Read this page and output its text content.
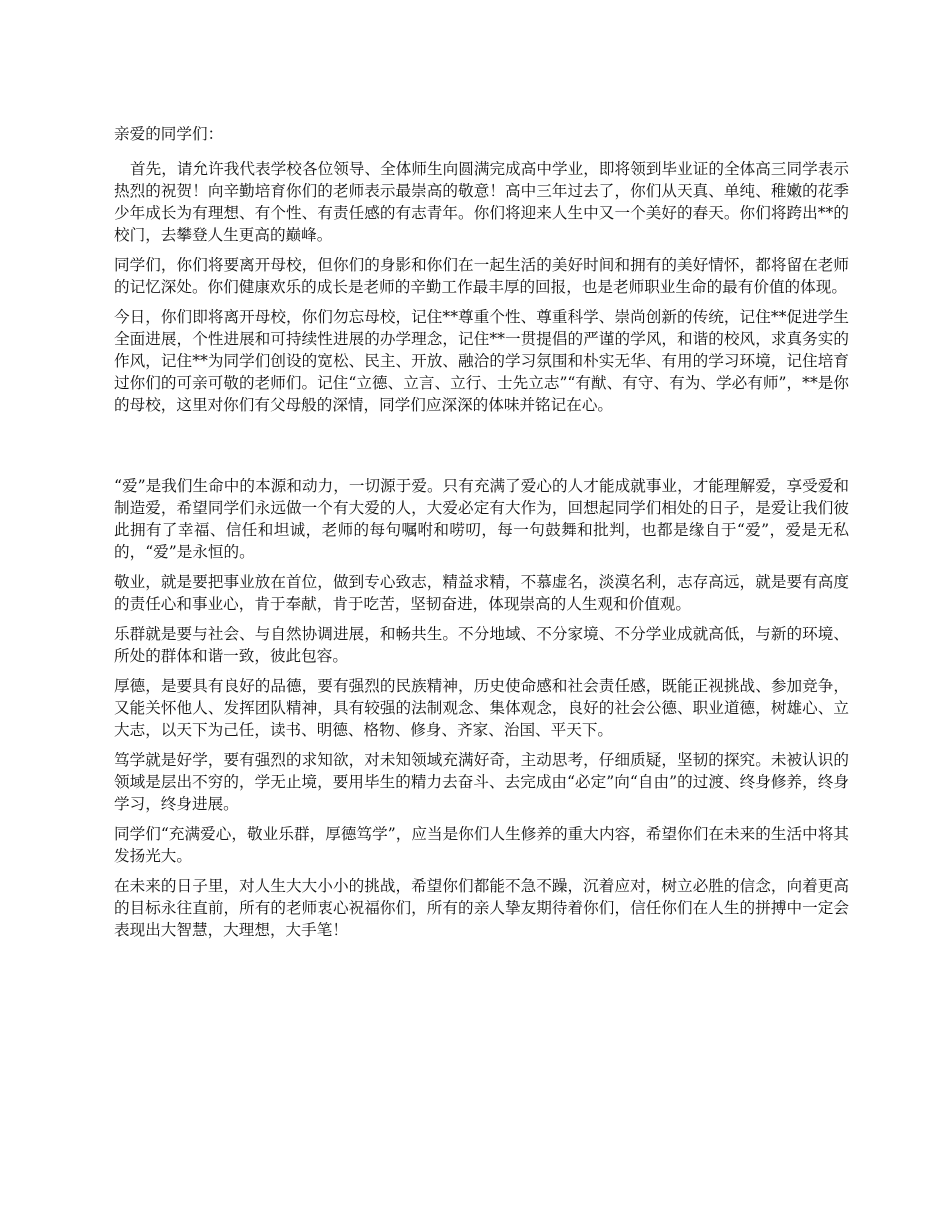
亲爱的同学们：

首先，请允许我代表学校各位领导、全体师生向圆满完成高中学业，即将领到毕业证的全体高三同学表示热烈的祝贺！向辛勤培育你们的老师表示最崇高的敬意！高中三年过去了，你们从天真、单纯、稚嫩的花季少年成长为有理想、有个性、有责任感的有志青年。你们将迎来人生中又一个美好的春天。你们将跨出**的校门，去攀登人生更高的巅峰。

同学们，你们将要离开母校，但你们的身影和你们在一起生活的美好时间和拥有的美好情怀，都将留在老师的记忆深处。你们健康欢乐的成长是老师的辛勤工作最丰厚的回报，也是老师职业生命的最有价值的体现。

今日，你们即将离开母校，你们勿忘母校，记住**尊重个性、尊重科学、崇尚创新的传统，记住**促进学生全面进展，个性进展和可持续性进展的办学理念，记住**一贯提倡的严谨的学风，和谐的校风，求真务实的作风，记住**为同学们创设的宽松、民主、开放、融洽的学习氛围和朴实无华、有用的学习环境，记住培育过你们的可亲可敬的老师们。记住“立德、立言、立行、士先立志”“有猷、有守、有为、学必有师”，**是你的母校，这里对你们有父母般的深情，同学们应深深的体味并铭记在心。

“爱”是我们生命中的本源和动力，一切源于爱。只有充满了爱心的人才能成就事业，才能理解爱，享受爱和制造爱，希望同学们永远做一个有大爱的人，大爱必定有大作为，回想起同学们相处的日子，是爱让我们彼此拥有了幸福、信任和坦诚，老师的每句嘱咐和唠叨，每一句鼓舞和批判，也都是缘自于“爱”，爱是无私的，“爱”是永恒的。

敬业，就是要把事业放在首位，做到专心致志，精益求精，不慕虚名，淡漠名利，志存高远，就是要有高度的责任心和事业心，肯于奉献，肯于吃苦，坚韧奋进，体现崇高的人生观和价值观。

乐群就是要与社会、与自然协调进展，和畅共生。不分地域、不分家境、不分学业成就高低，与新的环境、所处的群体和谐一致，彼此包容。

厚德，是要具有良好的品德，要有强烈的民族精神，历史使命感和社会责任感，既能正视挑战、参加竞争，又能关怀他人、发挥团队精神，具有较强的法制观念、集体观念，良好的社会公德、职业道德，树雄心、立大志，以天下为己任，读书、明德、格物、修身、齐家、治国、平天下。

笃学就是好学，要有强烈的求知欲，对未知领域充满好奇，主动思考，仔细质疑，坚韧的探究。未被认识的领域是层出不穷的，学无止境，要用毕生的精力去奋斗、去完成由“必定”向“自由”的过渡、终身修养，终身学习，终身进展。

同学们“充满爱心，敬业乐群，厚德笃学”，应当是你们人生修养的重大内容，希望你们在未来的生活中将其发扬光大。

在未来的日子里，对人生大大小小的挑战，希望你们都能不急不躁，沉着应对，树立必胜的信念，向着更高的目标永往直前，所有的老师衷心祝福你们，所有的亲人挚友期待着你们，信任你们在人生的拼搏中一定会表现出大智慧，大理想，大手笔！
